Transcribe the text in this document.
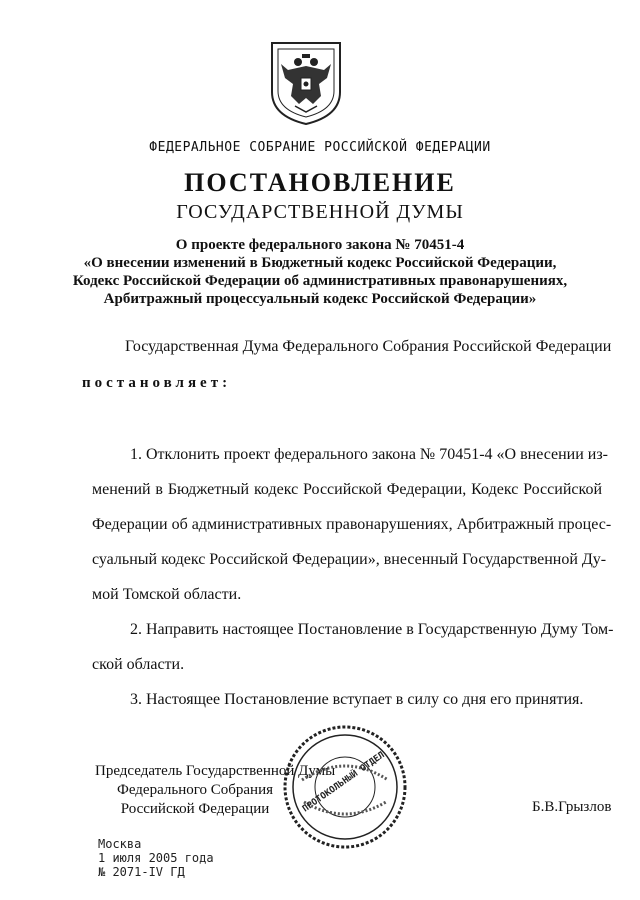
ФЕДЕРАЛЬНОЕ СОБРАНИЕ РОССИЙСКОЙ ФЕДЕРАЦИИ
ПОСТАНОВЛЕНИЕ
ГОСУДАРСТВЕННОЙ ДУМЫ
О проекте федерального закона № 70451-4
«О внесении изменений в Бюджетный кодекс Российской Федерации,
Кодекс Российской Федерации об административных правонарушениях,
Арбитражный процессуальный кодекс Российской Федерации»
Государственная Дума Федерального Собрания Российской Федерации
постановляет:
1. Отклонить проект федерального закона № 70451-4 «О внесении из-
менений в Бюджетный кодекс Российской Федерации, Кодекс Российской
Федерации об административных правонарушениях, Арбитражный процес-
суальный кодекс Российской Федерации», внесенный Государственной Ду-
мой Томской области.
2. Направить настоящее Постановление в Государственную Думу Том-
ской области.
3. Настоящее Постановление вступает в силу со дня его принятия.
Председатель Государственной Думы
Федерального Собрания
Российской Федерации	ПРОТОКОЛЬНЫЙ ОТДЕЛ	Б.В.Грызлов
Москва
1 июля 2005 года
№ 2071-IV ГД
